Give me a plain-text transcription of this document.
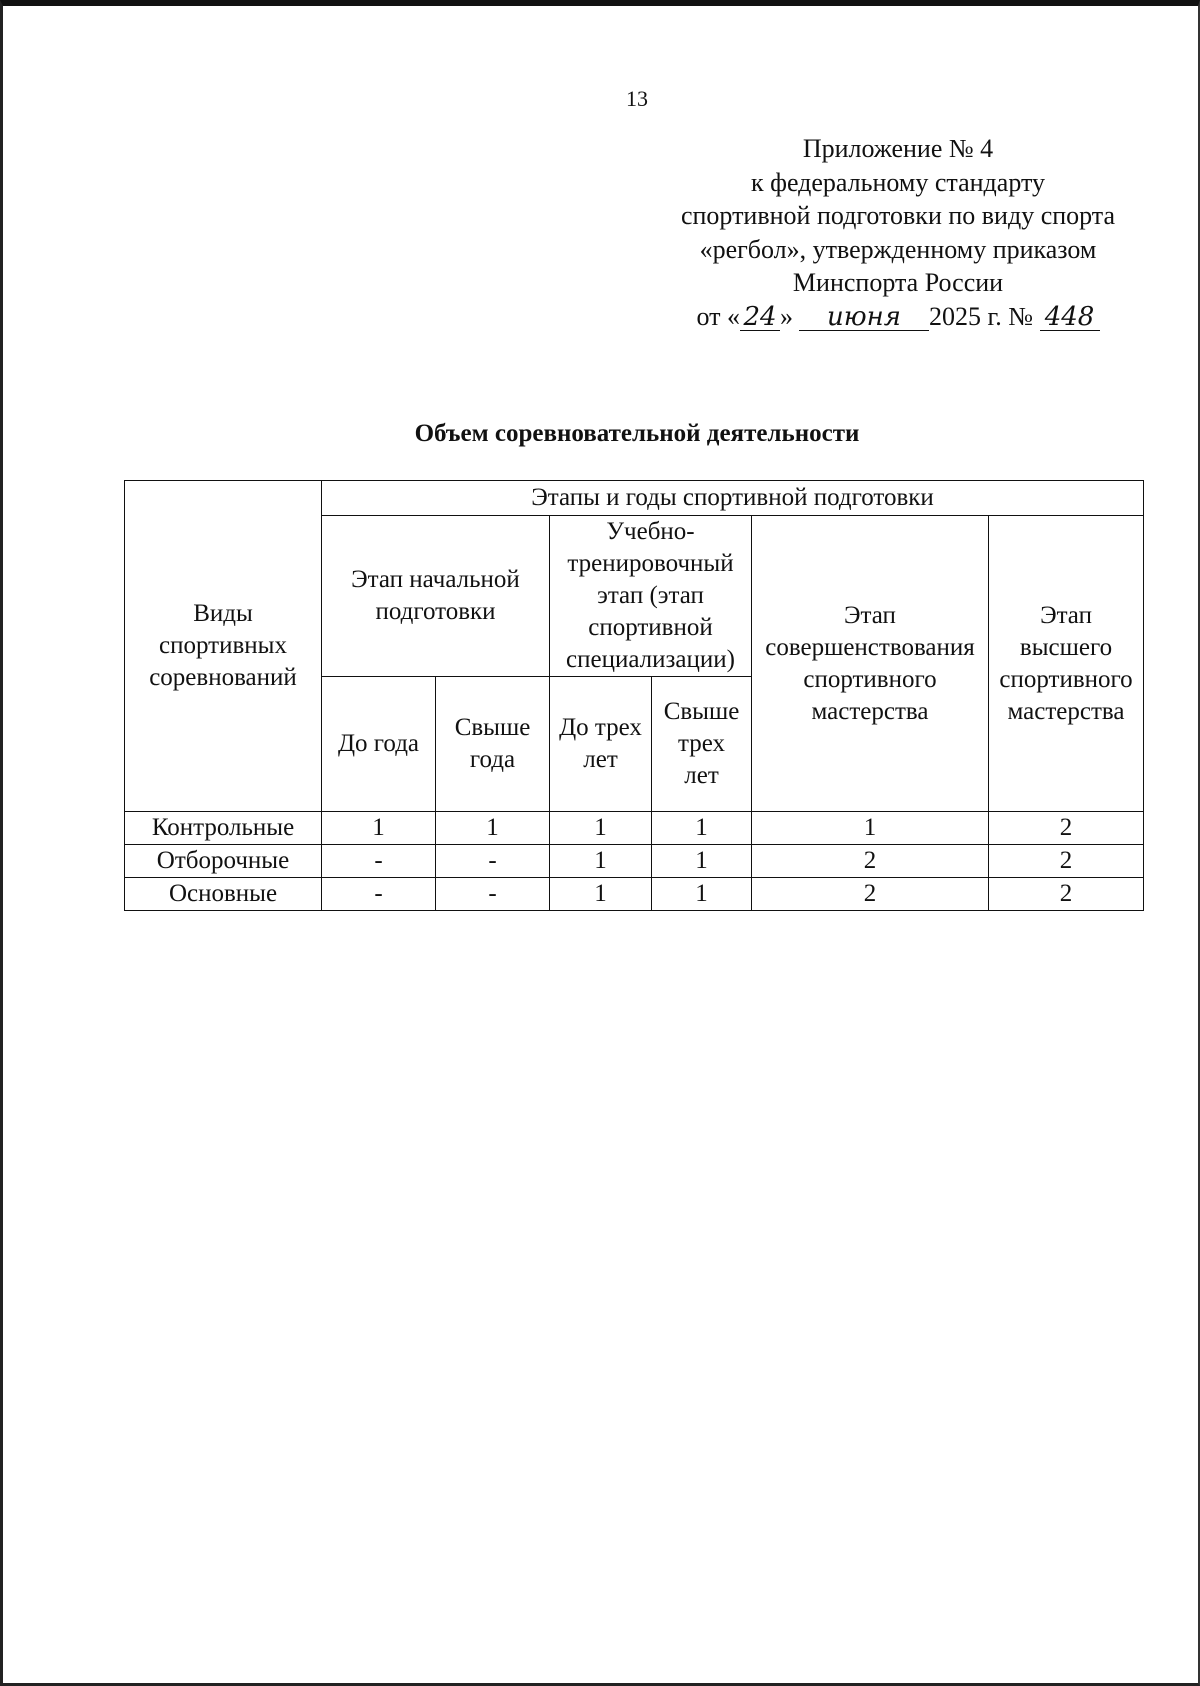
13
Приложение № 4
к федеральному стандарту
спортивной подготовки по виду спорта
«регбол», утвержденному приказом
Минспорта России
от « 24 » июня 2025 г. № 448
Объем соревновательной деятельности
Виды спортивных соревнований	Этапы и годы спортивной подготовки					
	Этап начальной подготовки		Учебно-тренировочный этап (этап спортивной специализации)		Этап совершенствования спортивного мастерства	Этап высшего спортивного мастерства
	До года	Свыше года	До трех лет	Свыше трех лет		
Контрольные	1	1	1	1	1	2
Отборочные	-	-	1	1	2	2
Основные	-	-	1	1	2	2
